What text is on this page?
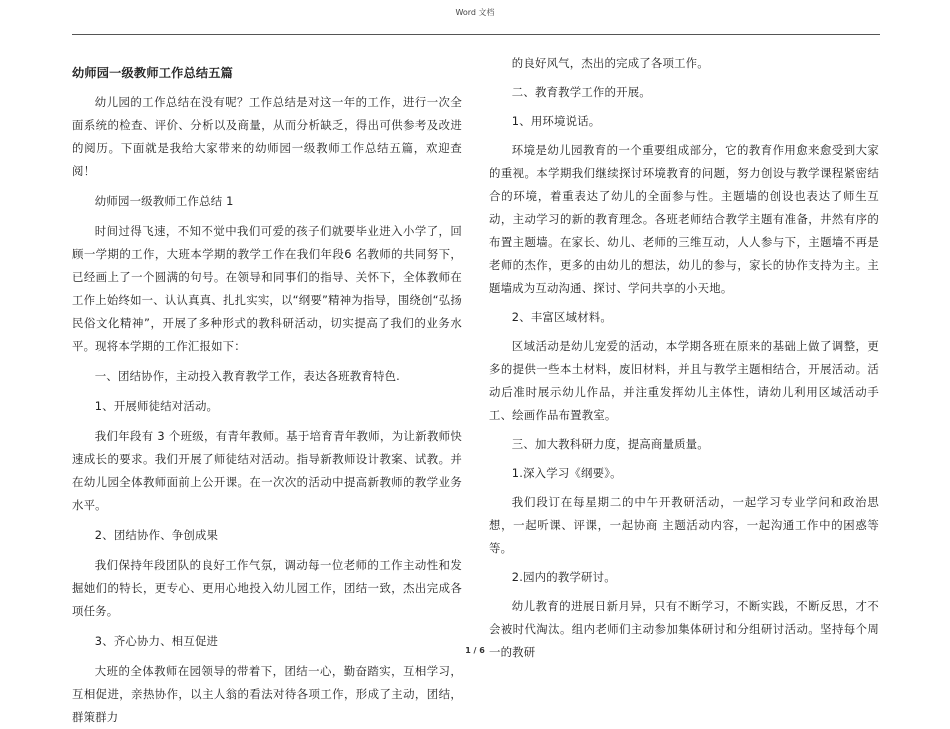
Word 文档

幼师园一级教师工作总结五篇

幼儿园的工作总结在没有呢？工作总结是对这一年的工作，进行一次全面系统的检查、评价、分析以及商量，从而分析缺乏，得出可供参考及改进的阅历。下面就是我给大家带来的幼师园一级教师工作总结五篇，欢迎查阅！

幼师园一级教师工作总结 1

时间过得飞速，不知不觉中我们可爱的孩子们就要毕业进入小学了，回顾一学期的工作，大班本学期的教学工作在我们年段6 名教师的共同努下，已经画上了一个圆满的句号。在领导和同事们的指导、关怀下，全体教师在工作上始终如一、认认真真、扎扎实实，以“纲要”精神为指导，围绕创“弘扬民俗文化精神”，开展了多种形式的教科研活动，切实提高了我们的业务水平。现将本学期的工作汇报如下：

一、团结协作，主动投入教育教学工作，表达各班教育特色.

1、开展师徒结对活动。

我们年段有 3 个班级，有青年教师。基于培育青年教师，为让新教师快速成长的要求。我们开展了师徒结对活动。指导新教师设计教案、试教。并在幼儿园全体教师面前上公开课。在一次次的活动中提高新教师的教学业务水平。

2、团结协作、争创成果

我们保持年段团队的良好工作气氛，调动每一位老师的工作主动性和发掘她们的特长，更专心、更用心地投入幼儿园工作，团结一致，杰出完成各项任务。

3、齐心协力、相互促进

大班的全体教师在园领导的带着下，团结一心，勤奋踏实，互相学习，互相促进，亲热协作，以主人翁的看法对待各项工作，形成了主动，团结，群策群力

的良好风气，杰出的完成了各项工作。

二、教育教学工作的开展。

1、用环境说话。

环境是幼儿园教育的一个重要组成部分，它的教育作用愈来愈受到大家的重视。本学期我们继续探讨环境教育的问题，努力创设与教学课程紧密结合的环境，着重表达了幼儿的全面参与性。主题墙的创设也表达了师生互动，主动学习的新的教育理念。各班老师结合教学主题有准备，井然有序的布置主题墙。在家长、幼儿、老师的三维互动，人人参与下，主题墙不再是老师的杰作，更多的由幼儿的想法，幼儿的参与，家长的协作支持为主。主题墙成为互动沟通、探讨、学问共享的小天地。

2、丰富区域材料。

区域活动是幼儿宠爱的活动，本学期各班在原来的基础上做了调整，更多的提供一些本土材料，废旧材料，并且与教学主题相结合，开展活动。活动后准时展示幼儿作品，并注重发挥幼儿主体性，请幼儿利用区域活动手工、绘画作品布置教室。

三、加大教科研力度，提高商量质量。

1.深入学习《纲要》。

我们段订在每星期二的中午开教研活动，一起学习专业学问和政治思想，一起听课、评课，一起协商 主题活动内容，一起沟通工作中的困惑等等。

2.园内的教学研讨。

幼儿教育的进展日新月异，只有不断学习，不断实践，不断反思，才不会被时代淘汰。组内老师们主动参加集体研讨和分组研讨活动。坚持每个周一的教研

1 / 6
